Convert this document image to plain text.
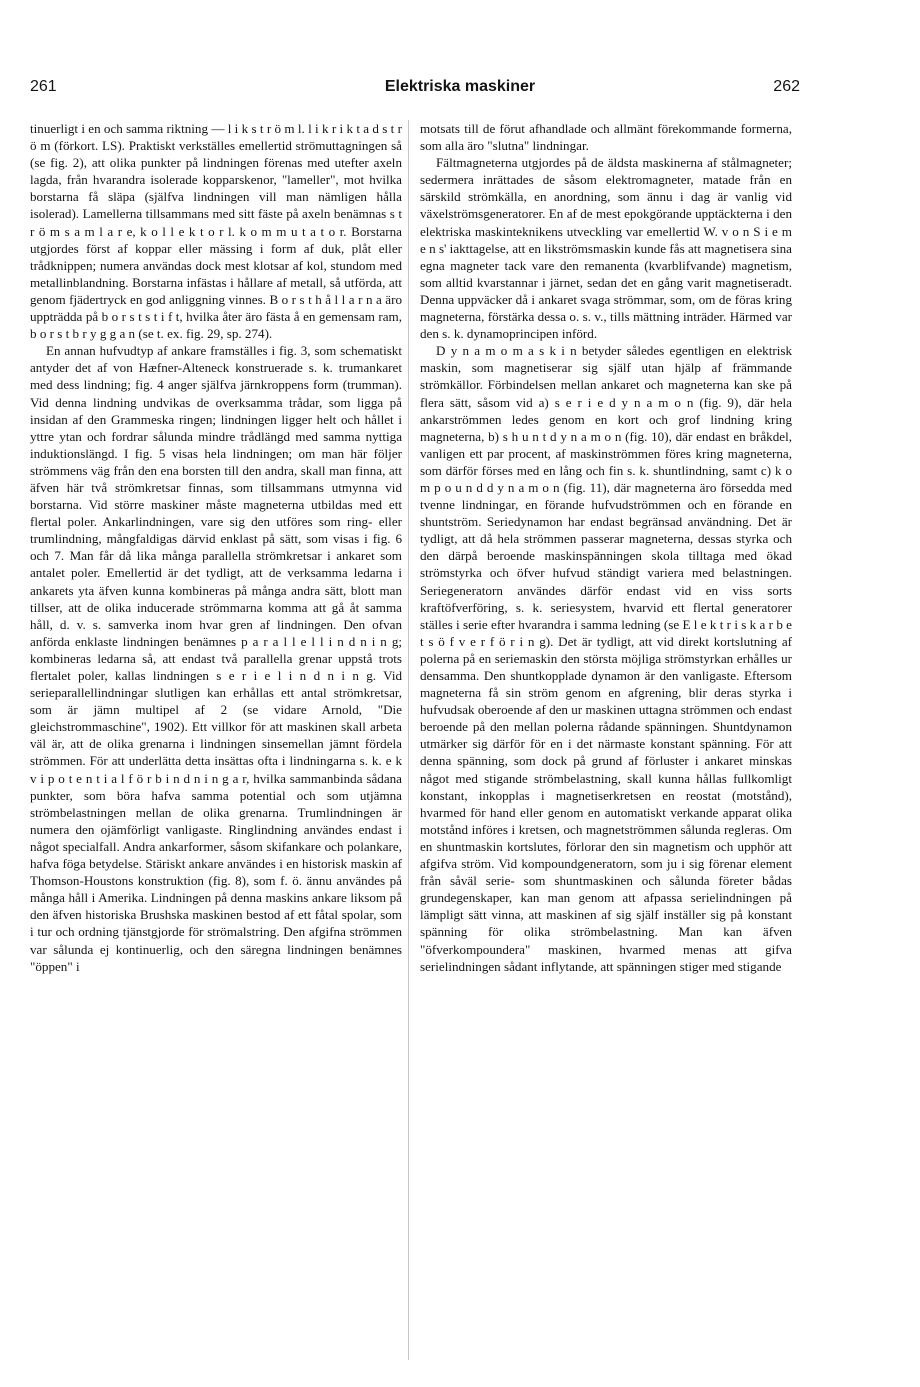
261	Elektriska maskiner	262

tinuerligt i en och samma riktning — l i k s t r ö m l. l i k r i k t a d s t r ö m (förkort. LS). Praktiskt verkställes emellertid strömuttagningen så (se fig. 2), att olika punkter på lindningen förenas med utefter axeln lagda, från hvarandra isolerade kopparskenor, "lameller", mot hvilka borstarna få släpa (själfva lindningen vill man nämligen hålla isolerad). Lamellerna tillsammans med sitt fäste på axeln benämnas s t r ö m s a m l a r e, k o l l e k t o r l. k o m m u t a t o r. Borstarna utgjordes först af koppar eller mässing i form af duk, plåt eller trådknippen; numera användas dock mest klotsar af kol, stundom med metallinblandning. Borstarna infästas i hållare af metall, så utförda, att genom fjädertryck en god anliggning vinnes. B o r s t h å l l a r n a äro uppträdda på b o r s t s t i f t, hvilka åter äro fästa å en gemensam ram, b o r s t b r y g g a n (se t. ex. fig. 29, sp. 274).

En annan hufvudtyp af ankare framställes i fig. 3, som schematiskt antyder det af von Hæfner-Alteneck konstruerade s. k. trumankaret med dess lindning; fig. 4 anger själfva järnkroppens form (trumman). Vid denna lindning undvikas de overksamma trådar, som ligga på insidan af den Grammeska ringen; lindningen ligger helt och hållet i yttre ytan och fordrar sålunda mindre trådlängd med samma nyttiga induktionslängd. I fig. 5 visas hela lindningen; om man här följer strömmens väg från den ena borsten till den andra, skall man finna, att äfven här två strömkretsar finnas, som tillsammans utmynna vid borstarna. Vid större maskiner måste magneterna utbildas med ett flertal poler. Ankarlindningen, vare sig den utföres som ring- eller trumlindning, mångfaldigas därvid enklast på sätt, som visas i fig. 6 och 7. Man får då lika många parallella strömkretsar i ankaret som antalet poler. Emellertid är det tydligt, att de verksamma ledarna i ankarets yta äfven kunna kombineras på många andra sätt, blott man tillser, att de olika inducerade strömmarna komma att gå åt samma håll, d. v. s. samverka inom hvar gren af lindningen. Den ofvan anförda enklaste lindningen benämnes p a r a l l e l l i n d n i n g; kombineras ledarna så, att endast två parallella grenar uppstå trots flertalet poler, kallas lindningen s e r i e l i n d n i n g. Vid serieparallellindningar slutligen kan erhållas ett antal strömkretsar, som är jämn multipel af 2 (se vidare Arnold, "Die gleichstrommaschine", 1902). Ett villkor för att maskinen skall arbeta väl är, att de olika grenarna i lindningen sinsemellan jämnt fördela strömmen. För att underlätta detta insättas ofta i lindningarna s. k. e k v i p o t e n t i a l f ö r b i n d n i n g a r, hvilka sammanbinda sådana punkter, som böra hafva samma potential och som utjämna strömbelastningen mellan de olika grenarna. Trumlindningen är numera den ojämförligt vanligaste. Ringlindning användes endast i något specialfall. Andra ankarformer, såsom skifankare och polankare, hafva föga betydelse. Stäriskt ankare användes i en historisk maskin af Thomson-Houstons konstruktion (fig. 8), som f. ö. ännu användes på många håll i Amerika. Lindningen på denna maskins ankare liksom på den äfven historiska Brushska maskinen bestod af ett fåtal spolar, som i tur och ordning tjänstgjorde för strömalstring. Den afgifna strömmen var sålunda ej kontinuerlig, och den säregna lindningen benämnes "öppen" i

motsats till de förut afhandlade och allmänt förekommande formerna, som alla äro "slutna" lindningar.

Fältmagneterna utgjordes på de äldsta maskinerna af stålmagneter; sedermera inrättades de såsom elektromagneter, matade från en särskild strömkälla, en anordning, som ännu i dag är vanlig vid växelströmsgeneratorer. En af de mest epokgörande upptäckterna i den elektriska maskinteknikens utveckling var emellertid W. v o n S i e m e n s' iakttagelse, att en likströmsmaskin kunde fås att magnetisera sina egna magneter tack vare den remanenta (kvarblifvande) magnetism, som alltid kvarstannar i järnet, sedan det en gång varit magnetiseradt. Denna uppväcker då i ankaret svaga strömmar, som, om de föras kring magneterna, förstärka dessa o. s. v., tills mättning inträder. Härmed var den s. k. dynamoprincipen införd.

D y n a m o m a s k i n betyder således egentligen en elektrisk maskin, som magnetiserar sig själf utan hjälp af främmande strömkällor. Förbindelsen mellan ankaret och magneterna kan ske på flera sätt, såsom vid a) s e r i e d y n a m o n (fig. 9), där hela ankarströmmen ledes genom en kort och grof lindning kring magneterna, b) s h u n t d y n a m o n (fig. 10), där endast en bråkdel, vanligen ett par procent, af maskinströmmen föres kring magneterna, som därför förses med en lång och fin s. k. shuntlindning, samt c) k o m p o u n d d y n a m o n (fig. 11), där magneterna äro försedda med tvenne lindningar, en förande hufvudströmmen och en förande en shuntström. Seriedynamon har endast begränsad användning. Det är tydligt, att då hela strömmen passerar magneterna, dessas styrka och den därpå beroende maskinspänningen skola tilltaga med ökad strömstyrka och öfver hufvud ständigt variera med belastningen. Seriegeneratorn användes därför endast vid en viss sorts kraftöfverföring, s. k. seriesystem, hvarvid ett flertal generatorer ställes i serie efter hvarandra i samma ledning (se E l e k t r i s k a r b e t s ö f v e r f ö r i n g). Det är tydligt, att vid direkt kortslutning af polerna på en seriemaskin den största möjliga strömstyrkan erhålles ur densamma. Den shuntkopplade dynamon är den vanligaste. Eftersom magneterna få sin ström genom en afgrening, blir deras styrka i hufvudsak oberoende af den ur maskinen uttagna strömmen och endast beroende på den mellan polerna rådande spänningen. Shuntdynamon utmärker sig därför för en i det närmaste konstant spänning. För att denna spänning, som dock på grund af förluster i ankaret minskas något med stigande strömbelastning, skall kunna hållas fullkomligt konstant, inkopplas i magnetiserkretsen en reostat (motstånd), hvarmed för hand eller genom en automatiskt verkande apparat olika motstånd införes i kretsen, och magnetströmmen sålunda regleras. Om en shuntmaskin kortslutes, förlorar den sin magnetism och upphör att afgifva ström. Vid kompoundgeneratorn, som ju i sig förenar element från såväl serie- som shuntmaskinen och sålunda företer bådas grundegenskaper, kan man genom att afpassa serielindningen på lämpligt sätt vinna, att maskinen af sig själf inställer sig på konstant spänning för olika strömbelastning. Man kan äfven "öfverkompoundera" maskinen, hvarmed menas att gifva serielindningen sådant inflytande, att spänningen stiger med stigande
